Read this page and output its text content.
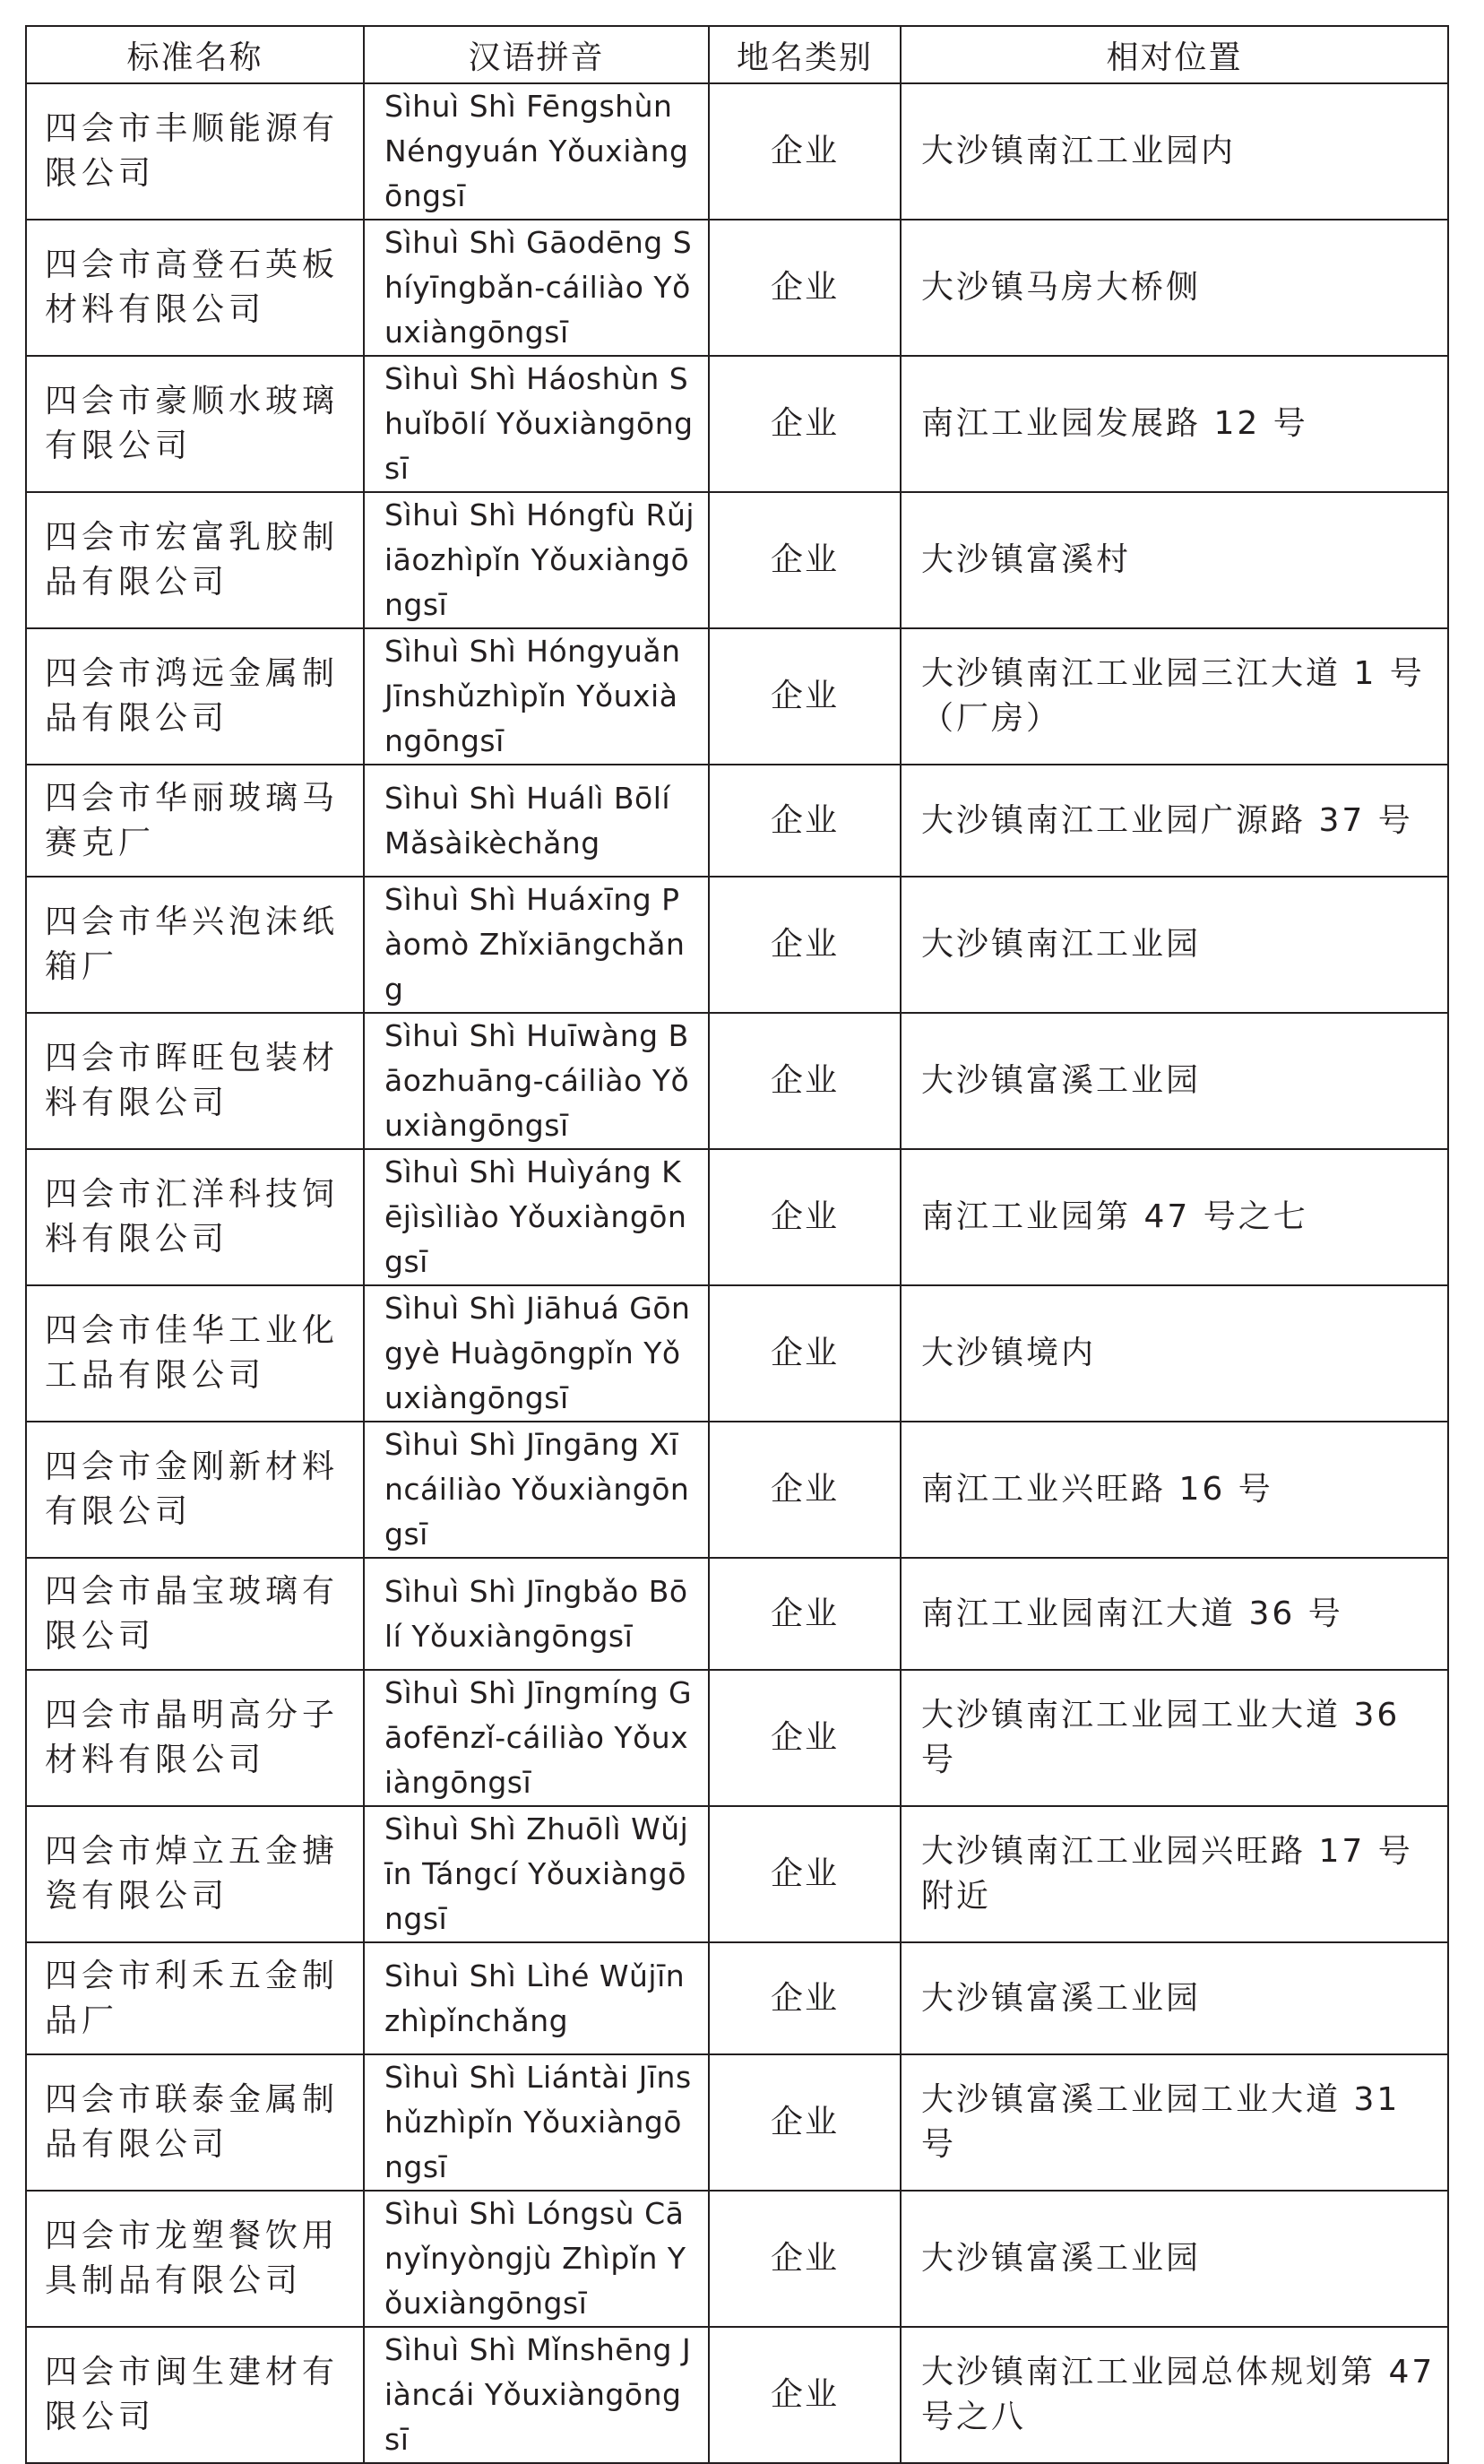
标准名称	汉语拼音	地名类别	相对位置
四会市丰顺能源有限公司	Sìhuì Shì Fēngshùn Néngyuán Yǒuxiàngōngsī	企业	大沙镇南江工业园内
四会市高登石英板材料有限公司	Sìhuì Shì Gāodēng Shíyīngbǎn-cáiliào Yǒuxiàngōngsī	企业	大沙镇马房大桥侧
四会市豪顺水玻璃有限公司	Sìhuì Shì Háoshùn Shuǐbōlí Yǒuxiàngōngsī	企业	南江工业园发展路 12 号
四会市宏富乳胶制品有限公司	Sìhuì Shì Hóngfù Rǔjiāozhìpǐn Yǒuxiàngōngsī	企业	大沙镇富溪村
四会市鸿远金属制品有限公司	Sìhuì Shì Hóngyuǎn Jīnshǔzhìpǐn Yǒuxiàngōngsī	企业	大沙镇南江工业园三江大道 1 号（厂房）
四会市华丽玻璃马赛克厂	Sìhuì Shì Huálì Bōlí Mǎsàikèchǎng	企业	大沙镇南江工业园广源路 37 号
四会市华兴泡沫纸箱厂	Sìhuì Shì Huáxīng Pàomò Zhǐxiāngchǎng	企业	大沙镇南江工业园
四会市晖旺包装材料有限公司	Sìhuì Shì Huīwàng Bāozhuāng-cáiliào Yǒuxiàngōngsī	企业	大沙镇富溪工业园
四会市汇洋科技饲料有限公司	Sìhuì Shì Huìyáng Kējìsìliào Yǒuxiàngōngsī	企业	南江工业园第 47 号之七
四会市佳华工业化工品有限公司	Sìhuì Shì Jiāhuá Gōngyè Huàgōngpǐn Yǒuxiàngōngsī	企业	大沙镇境内
四会市金刚新材料有限公司	Sìhuì Shì Jīngāng Xīncáiliào Yǒuxiàngōngsī	企业	南江工业兴旺路 16 号
四会市晶宝玻璃有限公司	Sìhuì Shì Jīngbǎo Bōlí Yǒuxiàngōngsī	企业	南江工业园南江大道 36 号
四会市晶明高分子材料有限公司	Sìhuì Shì Jīngmíng Gāofēnzǐ-cáiliào Yǒuxiàngōngsī	企业	大沙镇南江工业园工业大道 36 号
四会市焯立五金搪瓷有限公司	Sìhuì Shì Zhuōlì Wǔjīn Tángcí Yǒuxiàngōngsī	企业	大沙镇南江工业园兴旺路 17 号附近
四会市利禾五金制品厂	Sìhuì Shì Lìhé Wǔjīnzhìpǐnchǎng	企业	大沙镇富溪工业园
四会市联泰金属制品有限公司	Sìhuì Shì Liántài Jīnshǔzhìpǐn Yǒuxiàngōngsī	企业	大沙镇富溪工业园工业大道 31 号
四会市龙塑餐饮用具制品有限公司	Sìhuì Shì Lóngsù Cānyǐnyòngjù Zhìpǐn Yǒuxiàngōngsī	企业	大沙镇富溪工业园
四会市闽生建材有限公司	Sìhuì Shì Mǐnshēng Jiàncái Yǒuxiàngōngsī	企业	大沙镇南江工业园总体规划第 47 号之八
